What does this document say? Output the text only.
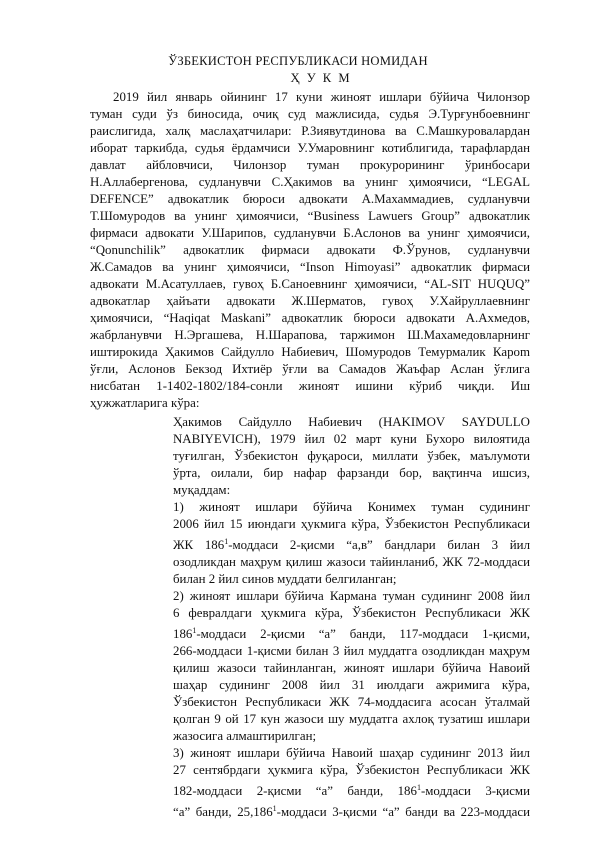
ЎЗБЕКИСТОН РЕСПУБЛИКАСИ НОМИДАН
Ҳ У К М
2019 йил январь ойининг 17 куни жиноят ишлари бўйича Чилонзор
туман суди ўз биносида, очиқ суд мажлисида, судья Э.Турғунбоевнинг
раислигида, халқ маслаҳатчилари: Р.Зиявутдинова ва С.Машкуровалардан
иборат таркибда, судья ёрдамчиси У.Умаровнинг котиблигида, тарафлардан
давлат айбловчиси, Чилонзор туман прокурорининг ўринбосари
Н.Аллабергенова, судланувчи С.Ҳакимов ва унинг ҳимоячиси, “LEGAL
DEFENCE” адвокатлик бюроси адвокати А.Махаммадиев, судланувчи
Т.Шомуродов ва унинг ҳимоячиси, “Business Lawuers Group” адвокатлик
фирмаси адвокати У.Шарипов, судланувчи Б.Аслонов ва унинг ҳимоячиси,
“Qonunchilik” адвокатлик фирмаси адвокати Ф.Ўрунов, судланувчи
Ж.Самадов ва унинг ҳимоячиси, “Inson Himoyasi” адвокатлик фирмаси
адвокати М.Асатуллаев, гувоҳ Б.Саноевнинг ҳимоячиси, “AL-SIT HUQUQ”
адвокатлар ҳайъати адвокати Ж.Шерматов, гувоҳ У.Хайруллаевнинг
ҳимоячиси, “Haqiqat Maskani” адвокатлик бюроси адвокати А.Ахмедов,
жабрланувчи Н.Эргашева, Н.Шарапова, таржимон Ш.Махамедовларнинг
иштирокида Ҳакимов Сайдулло Набиевич, Шомуродов Темурмалик Кароm
ўғли, Аслонов Бекзод Ихтиёр ўғли ва Самадов Жаъфар Аслан ўғлига
нисбатан 1-1402-1802/184-сонли жиноят ишини кўриб чиқди. Иш
ҳужжатларига кўра:
Ҳакимов Сайдулло Набиевич (HAKIMOV SAYDULLO
NABIYEVICH), 1979 йил 02 март куни Бухоро вилоятида
туғилган, Ўзбекистон фуқароси, миллати ўзбек, маълумоти
ўрта, оилали, бир нафар фарзанди бор, вақтинча ишсиз,
муқаддам:
1) жиноят ишлари бўйича Конимех туман судининг
2006 йил 15 июндаги ҳукмига кўра, Ўзбекистон Республикаси
ЖК $186^1$-моддаси 2-қисми “а,в” бандлари билан 3 йил
озодликдан маҳрум қилиш жазоси тайинланиб, ЖК 72-моддаси
билан 2 йил синов муддати белгиланган;
2) жиноят ишлари бўйича Кармана туман судининг 2008 йил
6 февралдаги ҳукмига кўра, Ўзбекистон Республикаси ЖК
$186^1$-моддаси 2-қисми “а” банди, 117-моддаси 1-қисми,
266-моддаси 1-қисми билан 3 йил муддатга озодликдан маҳрум
қилиш жазоси тайинланган, жиноят ишлари бўйича Навоий
шаҳар судининг 2008 йил 31 июлдаги ажримига кўра,
Ўзбекистон Республикаси ЖК 74-моддасига асосан ўталмай
қолган 9 ой 17 кун жазоси шу муддатга ахлоқ тузатиш ишлари
жазосига алмаштирилган;
3) жиноят ишлари бўйича Навоий шаҳар судининг 2013 йил
27 сентябрдаги ҳукмига кўра, Ўзбекистон Республикаси ЖК
182-моддаси 2-қисми “а” банди, $186^1$-моддаси 3-қисми
“а” банди, 25,186$^1$-моддаси 3-қисми “а” банди ва 223-моддаси
